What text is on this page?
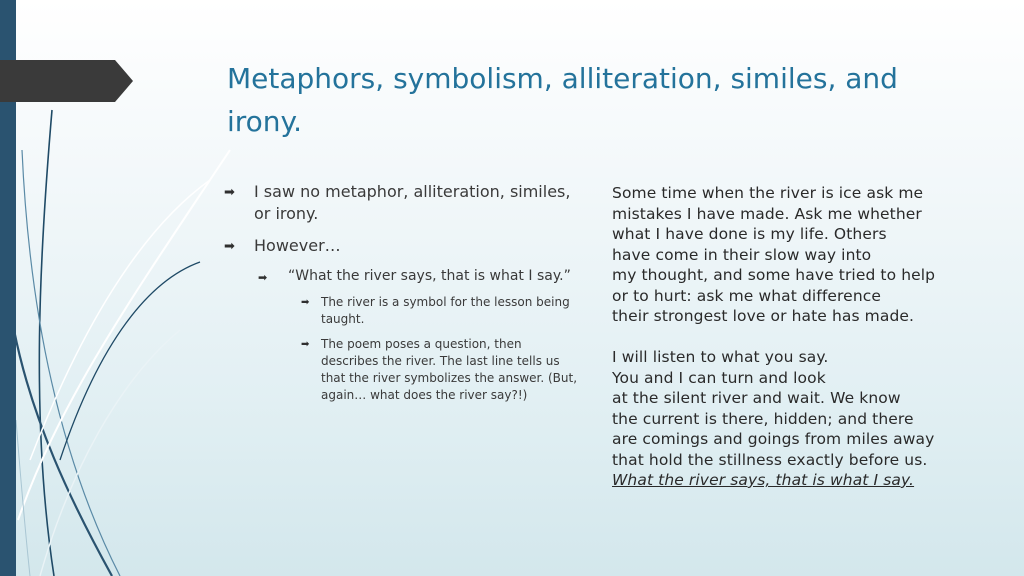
Metaphors, symbolism, alliteration, similes, and irony.
➡ I saw no metaphor, alliteration, similes, or irony.
➡ However…
➡ “What the river says, that is what I say.”
➡ The river is a symbol for the lesson being taught.
➡ The poem poses a question, then describes the river. The last line tells us that the river symbolizes the answer. (But, again… what does the river say?!)
Some time when the river is ice ask me
mistakes I have made. Ask me whether
what I have done is my life. Others
have come in their slow way into
my thought, and some have tried to help
or to hurt: ask me what difference
their strongest love or hate has made.
I will listen to what you say.
You and I can turn and look
at the silent river and wait. We know
the current is there, hidden; and there
are comings and goings from miles away
that hold the stillness exactly before us.
What the river says, that is what I say.
